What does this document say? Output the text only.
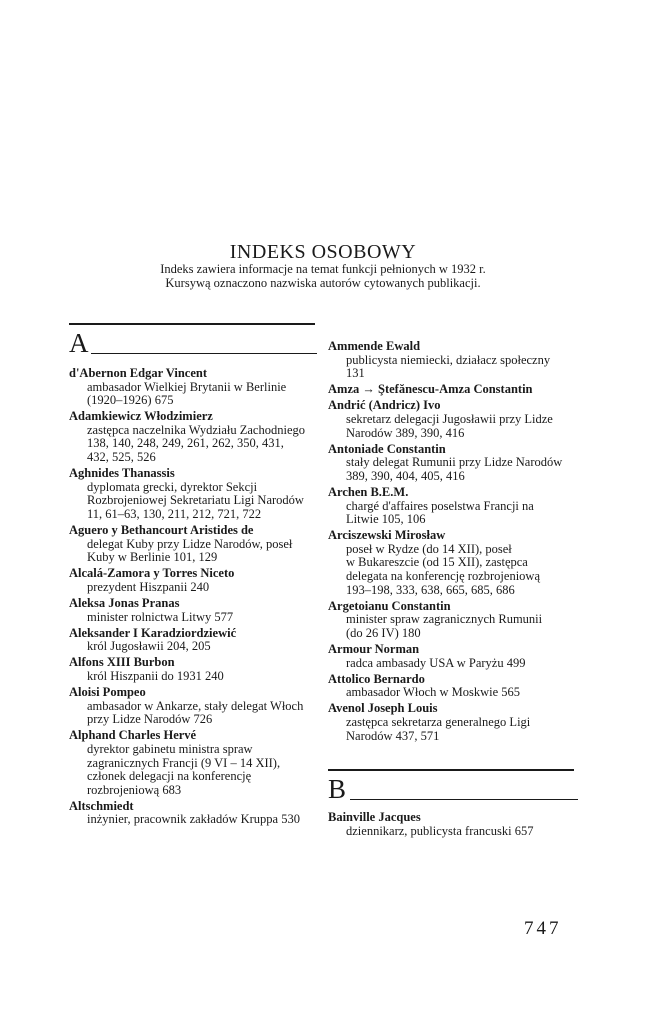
INDEKS OSOBOWY
Indeks zawiera informacje na temat funkcji pełnionych w 1932 r.
Kursywą oznaczono nazwiska autorów cytowanych publikacji.
A
d'Abernon Edgar Vincent
ambasador Wielkiej Brytanii w Berlinie
(1920–1926) 675
Adamkiewicz Włodzimierz
zastępca naczelnika Wydziału Zachodniego
138, 140, 248, 249, 261, 262, 350, 431,
432, 525, 526
Aghnides Thanassis
dyplomata grecki, dyrektor Sekcji
Rozbrojeniowej Sekretariatu Ligi Narodów
11, 61–63, 130, 211, 212, 721, 722
Aguero y Bethancourt Aristides de
delegat Kuby przy Lidze Narodów, poseł
Kuby w Berlinie 101, 129
Alcalá-Zamora y Torres Niceto
prezydent Hiszpanii 240
Aleksa Jonas Pranas
minister rolnictwa Litwy 577
Aleksander I Karadziordziewić
król Jugosławii 204, 205
Alfons XIII Burbon
król Hiszpanii do 1931 240
Aloisi Pompeo
ambasador w Ankarze, stały delegat Włoch
przy Lidze Narodów 726
Alphand Charles Hervé
dyrektor gabinetu ministra spraw
zagranicznych Francji (9 VI – 14 XII),
członek delegacji na konferencję
rozbrojeniową 683
Altschmiedt
inżynier, pracownik zakładów Kruppa 530
Ammende Ewald
publicysta niemiecki, działacz społeczny
131
Amza → Ştefănescu-Amza Constantin
Andrić (Andricz) Ivo
sekretarz delegacji Jugosławii przy Lidze
Narodów 389, 390, 416
Antoniade Constantin
stały delegat Rumunii przy Lidze Narodów
389, 390, 404, 405, 416
Archen B.E.M.
chargé d'affaires poselstwa Francji na
Litwie 105, 106
Arciszewski Mirosław
poseł w Rydze (do 14 XII), poseł
w Bukareszcie (od 15 XII), zastępca
delegata na konferencję rozbrojeniową
193–198, 333, 638, 665, 685, 686
Argetoianu Constantin
minister spraw zagranicznych Rumunii
(do 26 IV) 180
Armour Norman
radca ambasady USA w Paryżu 499
Attolico Bernardo
ambasador Włoch w Moskwie 565
Avenol Joseph Louis
zastępca sekretarza generalnego Ligi
Narodów 437, 571
B
Bainville Jacques
dziennikarz, publicysta francuski 657
747
